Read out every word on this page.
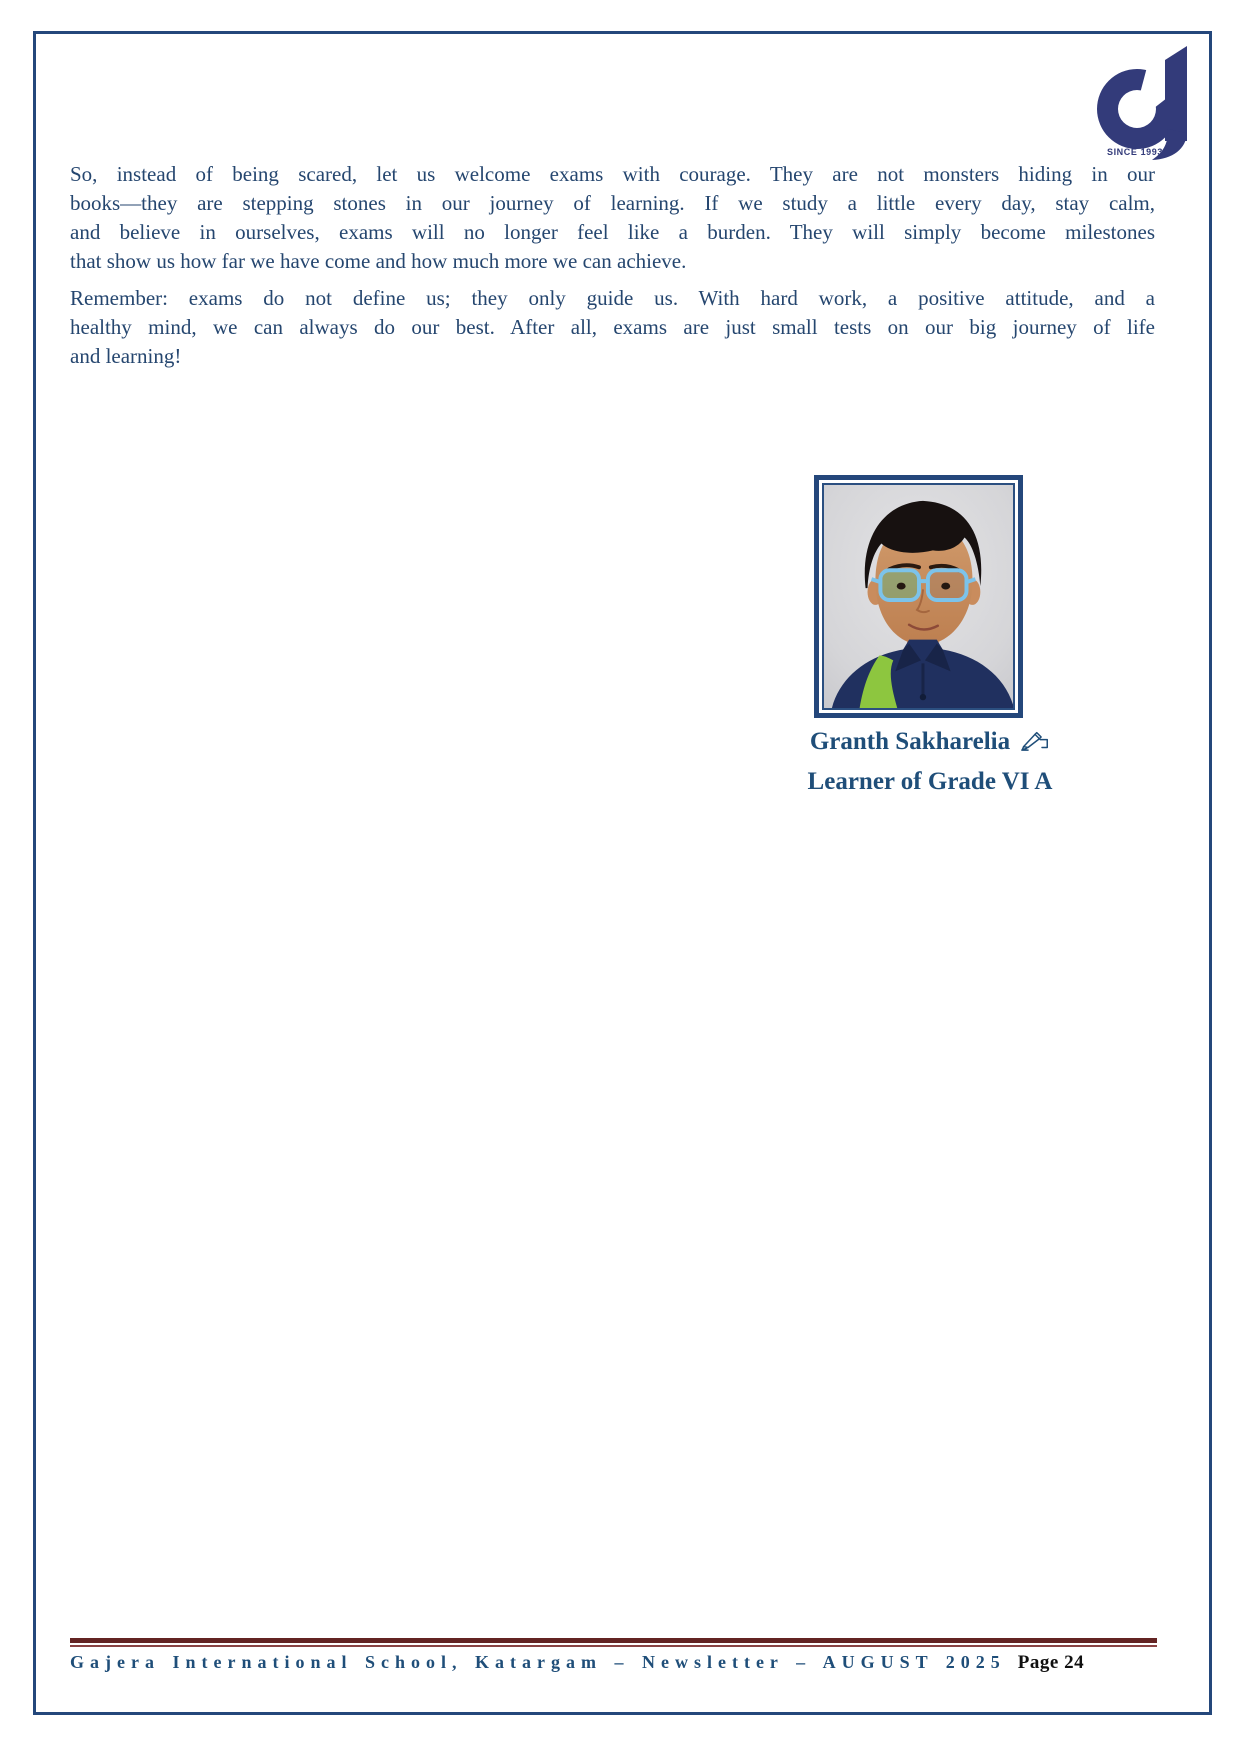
SINCE 1993

So, instead of being scared, let us welcome exams with courage. They are not monsters hiding in our
books—they are stepping stones in our journey of learning. If we study a little every day, stay calm,
and believe in ourselves, exams will no longer feel like a burden. They will simply become milestones
that show us how far we have come and how much more we can achieve.

Remember: exams do not define us; they only guide us. With hard work, a positive attitude, and a
healthy mind, we can always do our best. After all, exams are just small tests on our big journey of life
and learning!

Granth Sakharelia
Learner of Grade VI A
Gajera International School, Katargam – Newsletter – AUGUST 2025 Page 24
